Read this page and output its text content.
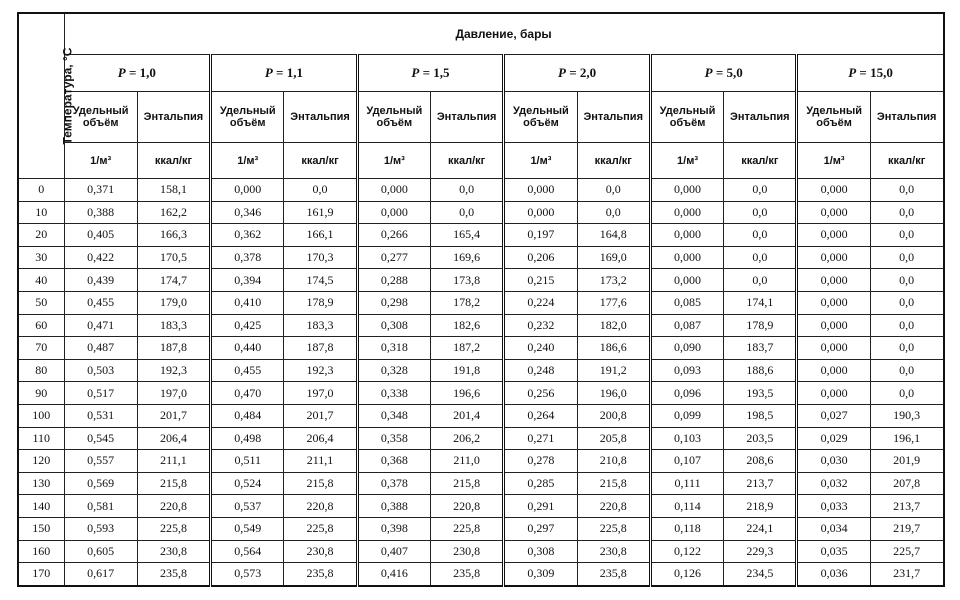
Температура, °C	Давление, бары											
	P = 1,0		P = 1,1		P = 1,5		P = 2,0		P = 5,0		P = 15,0	
	Удельный объём	Энтальпия	Удельный объём	Энтальпия	Удельный объём	Энтальпия	Удельный объём	Энтальпия	Удельный объём	Энтальпия	Удельный объём	Энтальпия
	1/м³	ккал/кг	1/м³	ккал/кг	1/м³	ккал/кг	1/м³	ккал/кг	1/м³	ккал/кг	1/м³	ккал/кг
0	0,371	158,1	0,000	0,0	0,000	0,0	0,000	0,0	0,000	0,0	0,000	0,0
10	0,388	162,2	0,346	161,9	0,000	0,0	0,000	0,0	0,000	0,0	0,000	0,0
20	0,405	166,3	0,362	166,1	0,266	165,4	0,197	164,8	0,000	0,0	0,000	0,0
30	0,422	170,5	0,378	170,3	0,277	169,6	0,206	169,0	0,000	0,0	0,000	0,0
40	0,439	174,7	0,394	174,5	0,288	173,8	0,215	173,2	0,000	0,0	0,000	0,0
50	0,455	179,0	0,410	178,9	0,298	178,2	0,224	177,6	0,085	174,1	0,000	0,0
60	0,471	183,3	0,425	183,3	0,308	182,6	0,232	182,0	0,087	178,9	0,000	0,0
70	0,487	187,8	0,440	187,8	0,318	187,2	0,240	186,6	0,090	183,7	0,000	0,0
80	0,503	192,3	0,455	192,3	0,328	191,8	0,248	191,2	0,093	188,6	0,000	0,0
90	0,517	197,0	0,470	197,0	0,338	196,6	0,256	196,0	0,096	193,5	0,000	0,0
100	0,531	201,7	0,484	201,7	0,348	201,4	0,264	200,8	0,099	198,5	0,027	190,3
110	0,545	206,4	0,498	206,4	0,358	206,2	0,271	205,8	0,103	203,5	0,029	196,1
120	0,557	211,1	0,511	211,1	0,368	211,0	0,278	210,8	0,107	208,6	0,030	201,9
130	0,569	215,8	0,524	215,8	0,378	215,8	0,285	215,8	0,111	213,7	0,032	207,8
140	0,581	220,8	0,537	220,8	0,388	220,8	0,291	220,8	0,114	218,9	0,033	213,7
150	0,593	225,8	0,549	225,8	0,398	225,8	0,297	225,8	0,118	224,1	0,034	219,7
160	0,605	230,8	0,564	230,8	0,407	230,8	0,308	230,8	0,122	229,3	0,035	225,7
170	0,617	235,8	0,573	235,8	0,416	235,8	0,309	235,8	0,126	234,5	0,036	231,7
